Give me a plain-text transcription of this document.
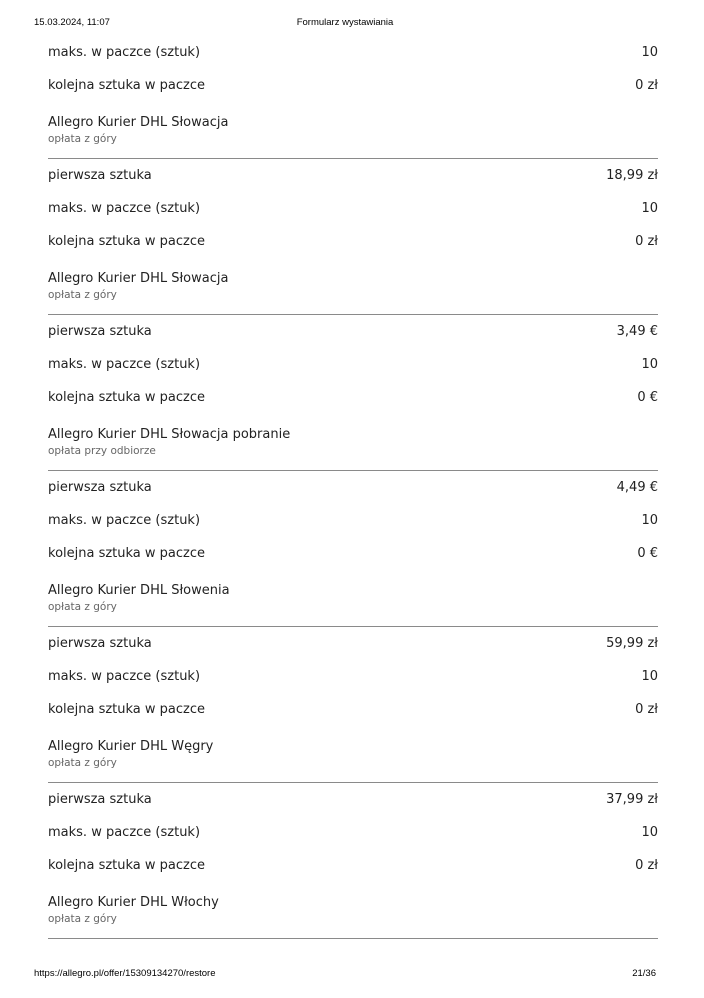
15.03.2024, 11:07	Formularz wystawiania
maks. w paczce (sztuk)	10
kolejna sztuka w paczce	0 zł
Allegro Kurier DHL Słowacja
opłata z góry
pierwsza sztuka	18,99 zł
maks. w paczce (sztuk)	10
kolejna sztuka w paczce	0 zł
Allegro Kurier DHL Słowacja
opłata z góry
pierwsza sztuka	3,49 €
maks. w paczce (sztuk)	10
kolejna sztuka w paczce	0 €
Allegro Kurier DHL Słowacja pobranie
opłata przy odbiorze
pierwsza sztuka	4,49 €
maks. w paczce (sztuk)	10
kolejna sztuka w paczce	0 €
Allegro Kurier DHL Słowenia
opłata z góry
pierwsza sztuka	59,99 zł
maks. w paczce (sztuk)	10
kolejna sztuka w paczce	0 zł
Allegro Kurier DHL Węgry
opłata z góry
pierwsza sztuka	37,99 zł
maks. w paczce (sztuk)	10
kolejna sztuka w paczce	0 zł
Allegro Kurier DHL Włochy
opłata z góry
https://allegro.pl/offer/15309134270/restore	21/36
